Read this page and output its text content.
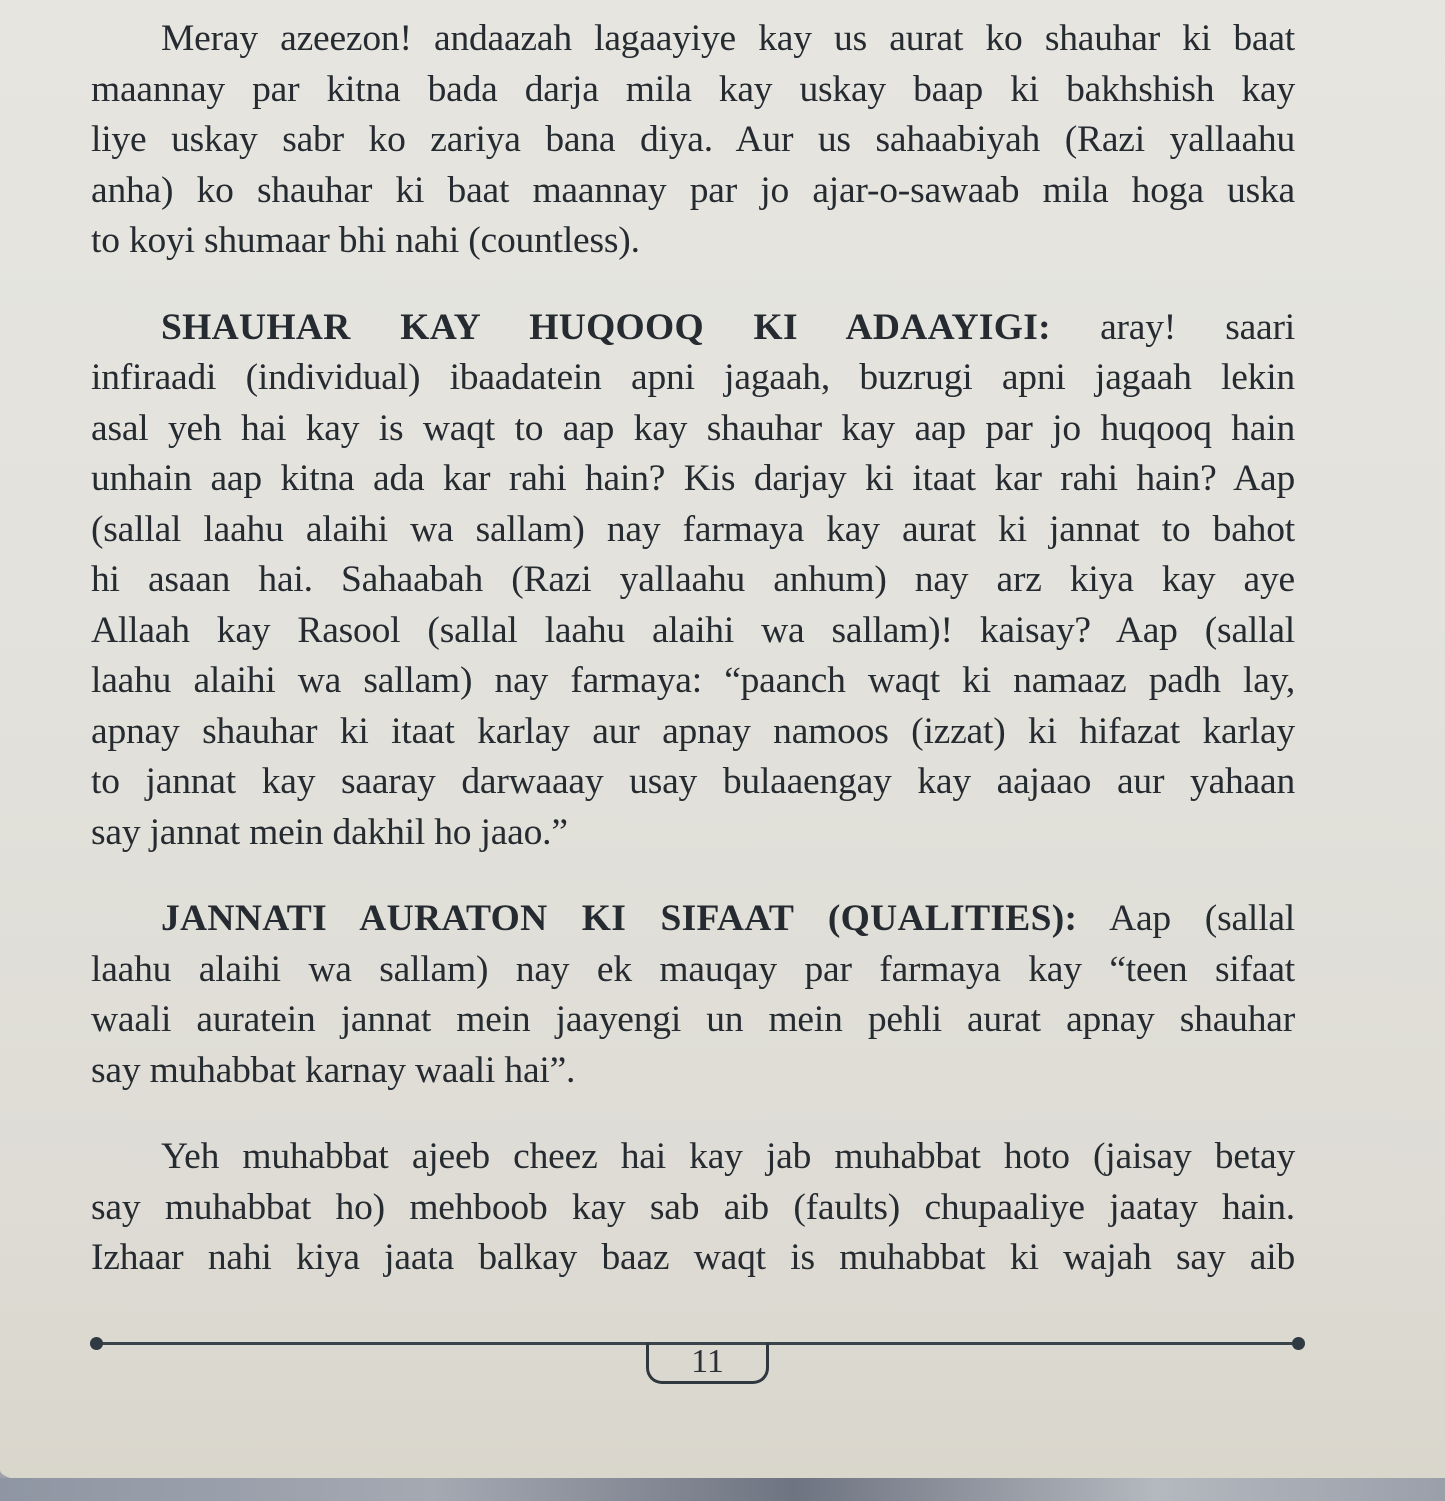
Meray azeezon! andaazah lagaayiye kay us aurat ko shauhar ki baat
maannay par kitna bada darja mila kay uskay baap ki bakhshish kay
liye uskay sabr ko zariya bana diya. Aur us sahaabiyah (Razi yallaahu
anha) ko shauhar ki baat maannay par jo ajar-o-sawaab mila hoga uska
to koyi shumaar bhi nahi (countless).
SHAUHAR KAY HUQOOQ KI ADAAYIGI: aray! saari
infiraadi (individual) ibaadatein apni jagaah, buzrugi apni jagaah lekin
asal yeh hai kay is waqt to aap kay shauhar kay aap par jo huqooq hain
unhain aap kitna ada kar rahi hain? Kis darjay ki itaat kar rahi hain? Aap
(sallal laahu alaihi wa sallam) nay farmaya kay aurat ki jannat to bahot
hi asaan hai. Sahaabah (Razi yallaahu anhum) nay arz kiya kay aye
Allaah kay Rasool (sallal laahu alaihi wa sallam)! kaisay? Aap (sallal
laahu alaihi wa sallam) nay farmaya: “paanch waqt ki namaaz padh lay,
apnay shauhar ki itaat karlay aur apnay namoos (izzat) ki hifazat karlay
to jannat kay saaray darwaaay usay bulaaengay kay aajaao aur yahaan
say jannat mein dakhil ho jaao.”
JANNATI AURATON KI SIFAAT (QUALITIES): Aap (sallal
laahu alaihi wa sallam) nay ek mauqay par farmaya kay “teen sifaat
waali auratein jannat mein jaayengi un mein pehli aurat apnay shauhar
say muhabbat karnay waali hai”.
Yeh muhabbat ajeeb cheez hai kay jab muhabbat hoto (jaisay betay
say muhabbat ho) mehboob kay sab aib (faults) chupaaliye jaatay hain.
Izhaar nahi kiya jaata balkay baaz waqt is muhabbat ki wajah say aib
11
